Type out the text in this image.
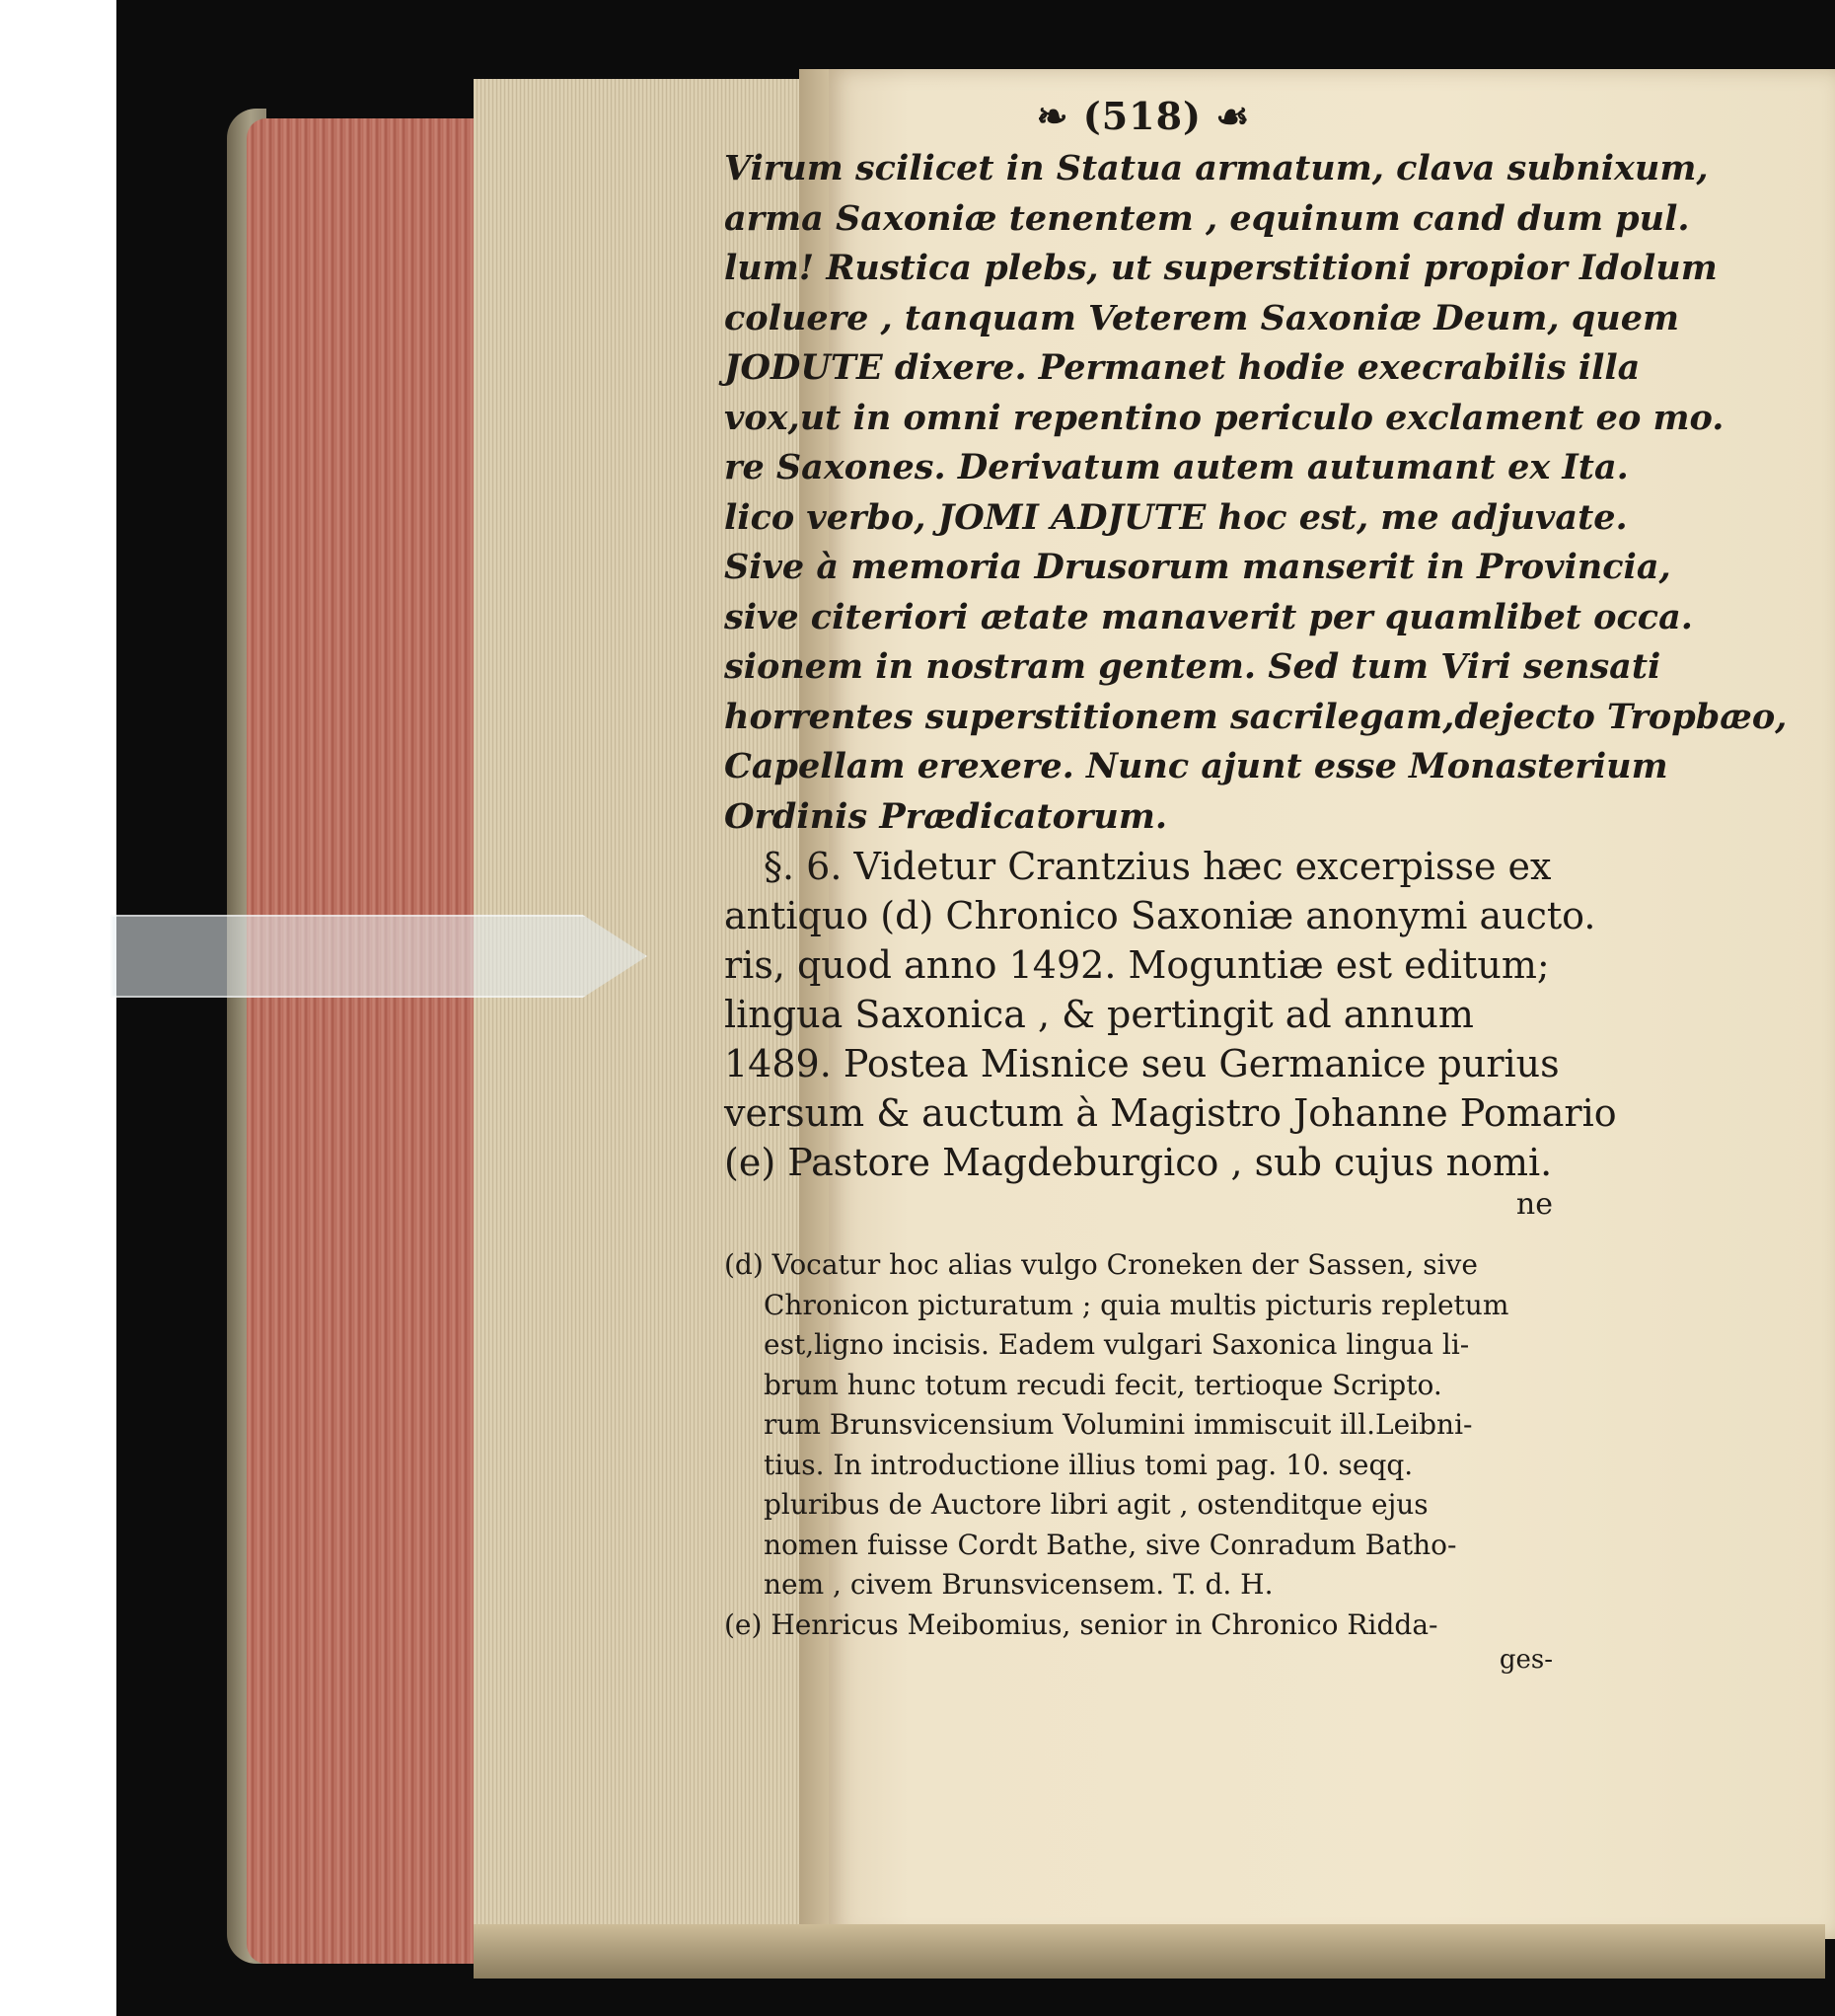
❧ (518) ☙

Virum scilicet in Statua armatum, clava subnixum,
arma Saxoniæ tenentem , equinum cand dum pul.
lum! Rustica plebs, ut superstitioni propior Idolum
coluere , tanquam Veterem Saxoniæ Deum, quem
JODUTE dixere. Permanet hodie execrabilis illa
vox,ut in omni repentino periculo exclament eo mo.
re Saxones. Derivatum autem autumant ex Ita.
lico verbo, JOMI ADJUTE hoc est, me adjuvate.
Sive à memoria Drusorum manserit in Provincia,
sive citeriori ætate manaverit per quamlibet occa.
sionem in nostram gentem. Sed tum Viri sensati
horrentes superstitionem sacrilegam,dejecto Tropbæo,
Capellam erexere. Nunc ajunt esse Monasterium
Ordinis Prædicatorum.

§. 6. Videtur Crantzius hæc excerpisse ex
antiquo (d) Chronico Saxoniæ anonymi aucto.
ris, quod anno 1492. Moguntiæ est editum;
lingua Saxonica , & pertingit ad annum
1489. Postea Misnice seu Germanice purius
versum & auctum à Magistro Johanne Pomario
(e) Pastore Magdeburgico , sub cujus nomi.

ne

(d) Vocatur hoc alias vulgo Croneken der Sassen, sive
Chronicon picturatum ; quia multis picturis repletum
est,ligno incisis. Eadem vulgari Saxonica lingua li-
brum hunc totum recudi fecit, tertioque Scripto.
rum Brunsvicensium Volumini immiscuit ill.Leibni-
tius. In introductione illius tomi pag. 10. seqq.
pluribus de Auctore libri agit , ostenditque ejus
nomen fuisse Cordt Bathe, sive Conradum Batho-
nem , civem Brunsvicensem. T. d. H.
(e) Henricus Meibomius, senior in Chronico Ridda-

ges-
